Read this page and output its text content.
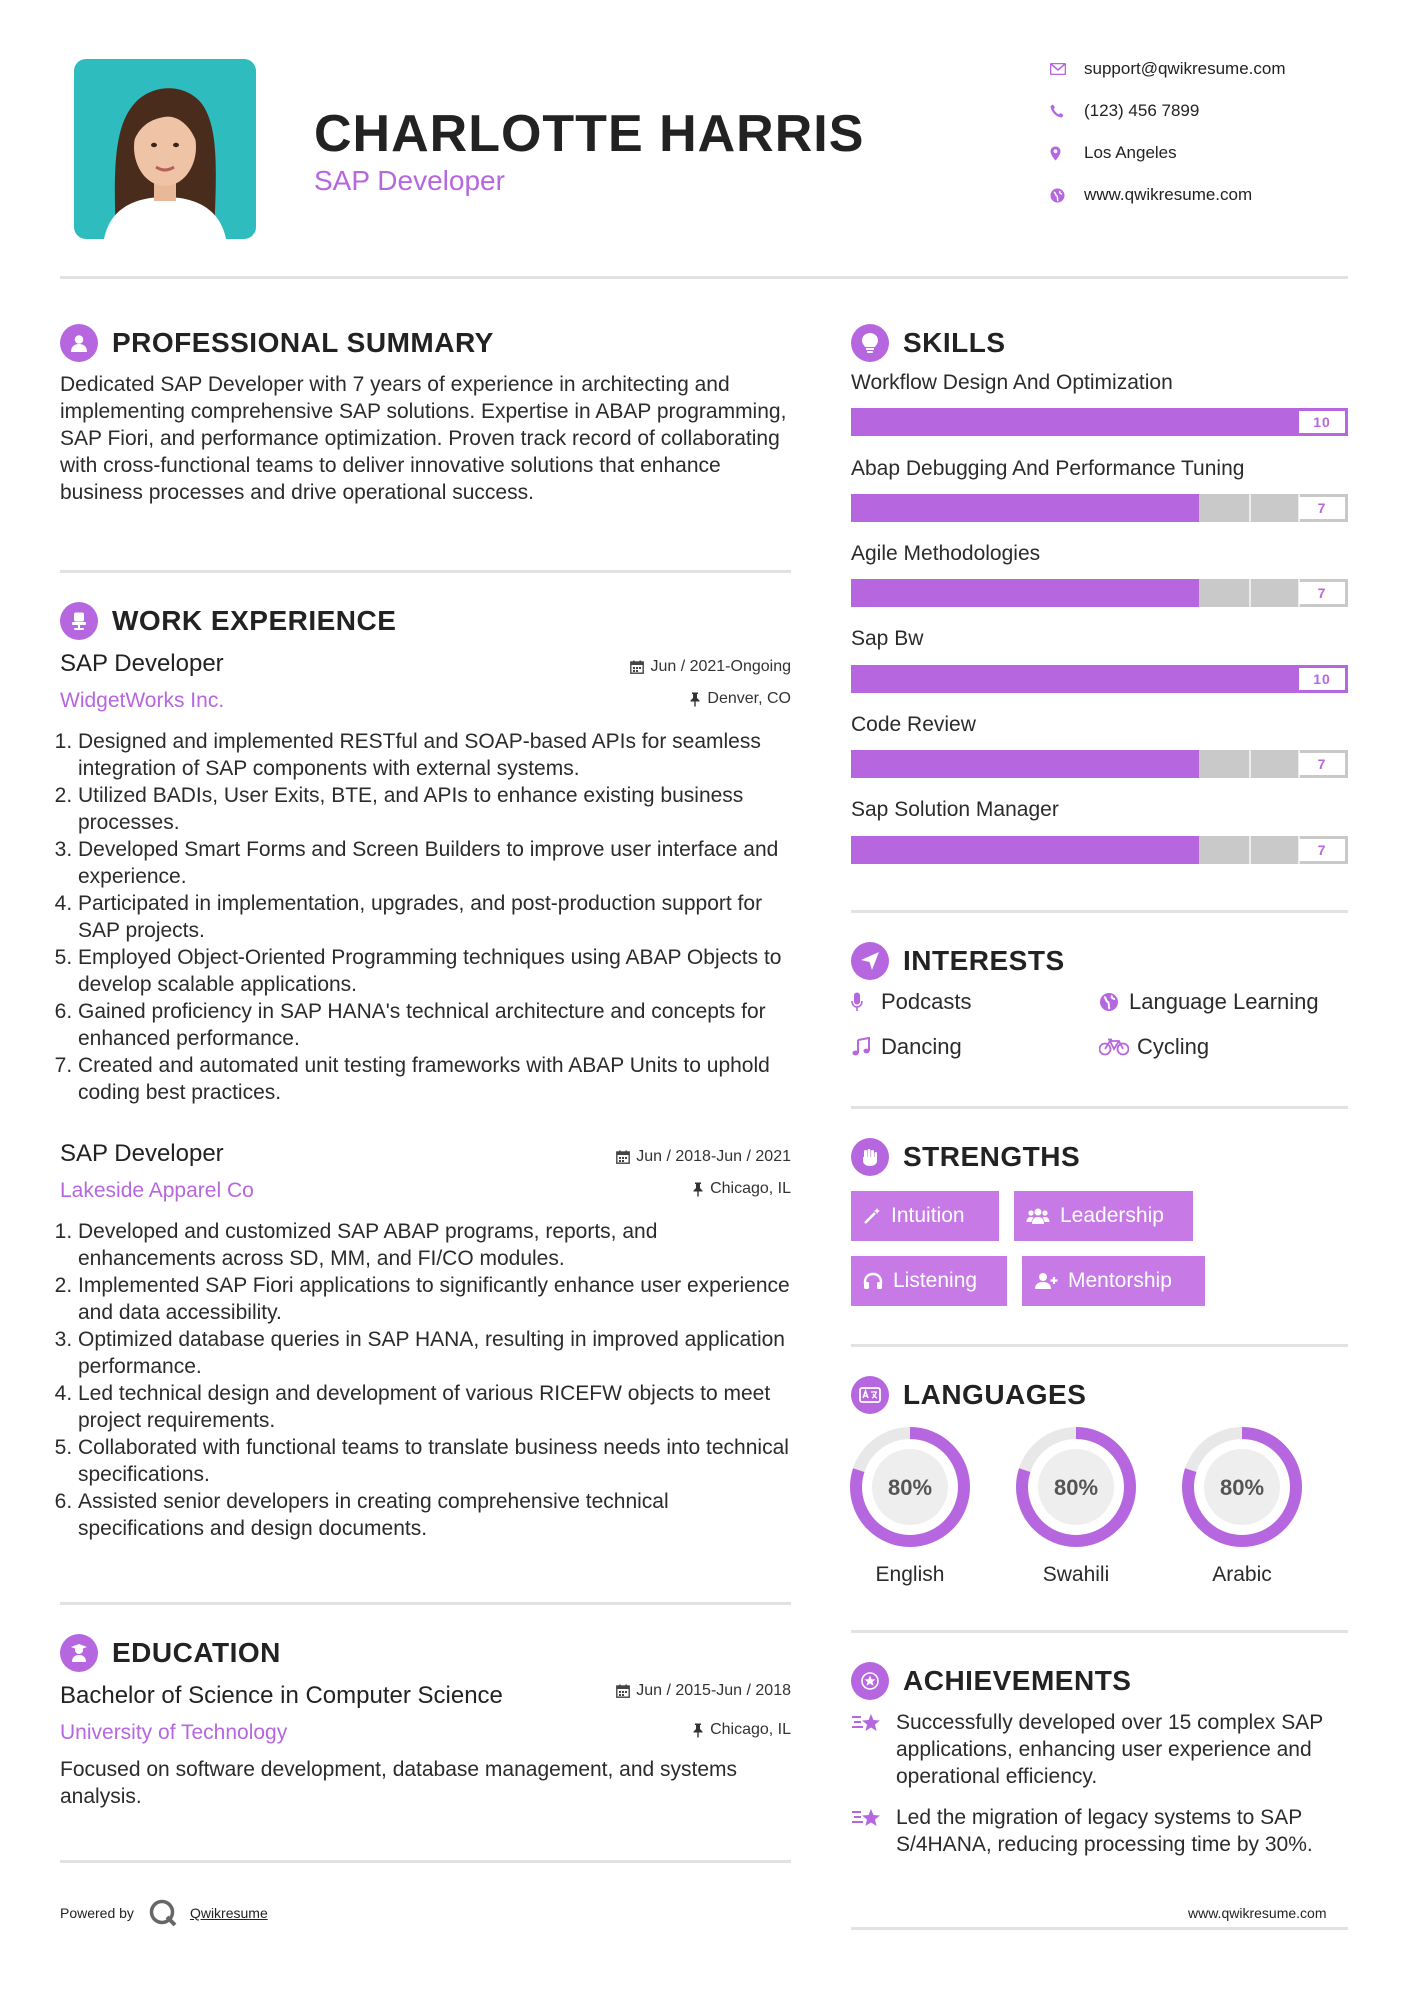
CHARLOTTE HARRIS
SAP Developer
support@qwikresume.com
(123) 456 7899
Los Angeles
www.qwikresume.com
PROFESSIONAL SUMMARY
Dedicated SAP Developer with 7 years of experience in architecting and implementing comprehensive SAP solutions. Expertise in ABAP programming, SAP Fiori, and performance optimization. Proven track record of collaborating with cross-functional teams to deliver innovative solutions that enhance business processes and drive operational success.
WORK EXPERIENCE
SAP Developer
WidgetWorks Inc.
Jun / 2021-Ongoing
Denver, CO
1. Designed and implemented RESTful and SOAP-based APIs for seamless integration of SAP components with external systems.
2. Utilized BADIs, User Exits, BTE, and APIs to enhance existing business processes.
3. Developed Smart Forms and Screen Builders to improve user interface and experience.
4. Participated in implementation, upgrades, and post-production support for SAP projects.
5. Employed Object-Oriented Programming techniques using ABAP Objects to develop scalable applications.
6. Gained proficiency in SAP HANA's technical architecture and concepts for enhanced performance.
7. Created and automated unit testing frameworks with ABAP Units to uphold coding best practices.
SAP Developer
Lakeside Apparel Co
Jun / 2018-Jun / 2021
Chicago, IL
1. Developed and customized SAP ABAP programs, reports, and enhancements across SD, MM, and FI/CO modules.
2. Implemented SAP Fiori applications to significantly enhance user experience and data accessibility.
3. Optimized database queries in SAP HANA, resulting in improved application performance.
4. Led technical design and development of various RICEFW objects to meet project requirements.
5. Collaborated with functional teams to translate business needs into technical specifications.
6. Assisted senior developers in creating comprehensive technical specifications and design documents.
EDUCATION
Bachelor of Science in Computer Science
University of Technology
Jun / 2015-Jun / 2018
Chicago, IL
Focused on software development, database management, and systems analysis.
SKILLS
Workflow Design And Optimization
10
Abap Debugging And Performance Tuning
7
Agile Methodologies
7
Sap Bw
10
Code Review
7
Sap Solution Manager
7
INTERESTS
Podcasts	Language Learning
Dancing	Cycling
STRENGTHS
Intuition	Leadership
Listening	Mentorship
LANGUAGES
80%
English
80%
Swahili
80%
Arabic
ACHIEVEMENTS
Successfully developed over 15 complex SAP applications, enhancing user experience and operational efficiency.
Led the migration of legacy systems to SAP S/4HANA, reducing processing time by 30%.
Powered by	Qwikresume	www.qwikresume.com
